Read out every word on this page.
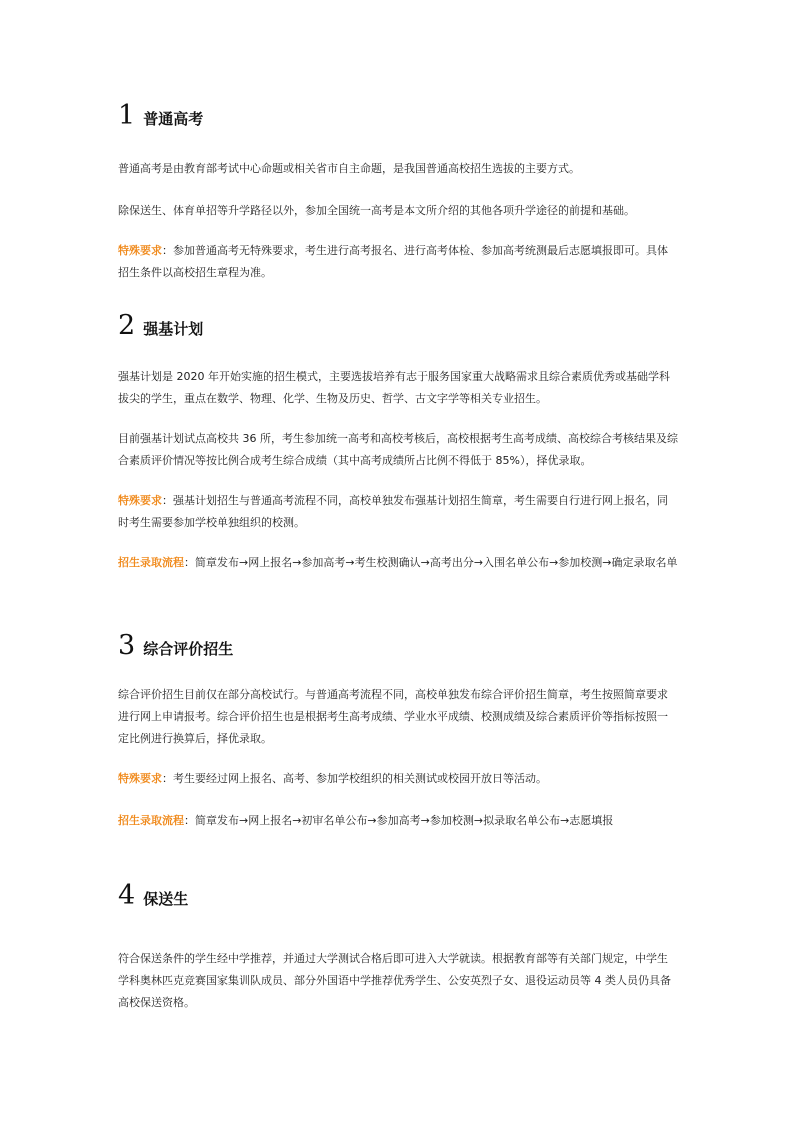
1 普通高考
普通高考是由教育部考试中心命题或相关省市自主命题，是我国普通高校招生选拔的主要方式。
除保送生、体育单招等升学路径以外，参加全国统一高考是本文所介绍的其他各项升学途径的前提和基础。
特殊要求：参加普通高考无特殊要求，考生进行高考报名、进行高考体检、参加高考统测最后志愿填报即可。具体招生条件以高校招生章程为准。
2 强基计划
强基计划是 2020 年开始实施的招生模式，主要选拔培养有志于服务国家重大战略需求且综合素质优秀或基础学科拔尖的学生，重点在数学、物理、化学、生物及历史、哲学、古文字学等相关专业招生。
目前强基计划试点高校共 36 所，考生参加统一高考和高校考核后，高校根据考生高考成绩、高校综合考核结果及综合素质评价情况等按比例合成考生综合成绩（其中高考成绩所占比例不得低于 85%），择优录取。
特殊要求：强基计划招生与普通高考流程不同，高校单独发布强基计划招生简章，考生需要自行进行网上报名，同时考生需要参加学校单独组织的校测。
招生录取流程：简章发布→网上报名→参加高考→考生校测确认→高考出分→入围名单公布→参加校测→确定录取名单
3 综合评价招生
综合评价招生目前仅在部分高校试行。与普通高考流程不同，高校单独发布综合评价招生简章，考生按照简章要求进行网上申请报考。综合评价招生也是根据考生高考成绩、学业水平成绩、校测成绩及综合素质评价等指标按照一定比例进行换算后，择优录取。
特殊要求：考生要经过网上报名、高考、参加学校组织的相关测试或校园开放日等活动。
招生录取流程：简章发布→网上报名→初审名单公布→参加高考→参加校测→拟录取名单公布→志愿填报
4 保送生
符合保送条件的学生经中学推荐，并通过大学测试合格后即可进入大学就读。根据教育部等有关部门规定，中学生学科奥林匹克竞赛国家集训队成员、部分外国语中学推荐优秀学生、公安英烈子女、退役运动员等 4 类人员仍具备高校保送资格。
